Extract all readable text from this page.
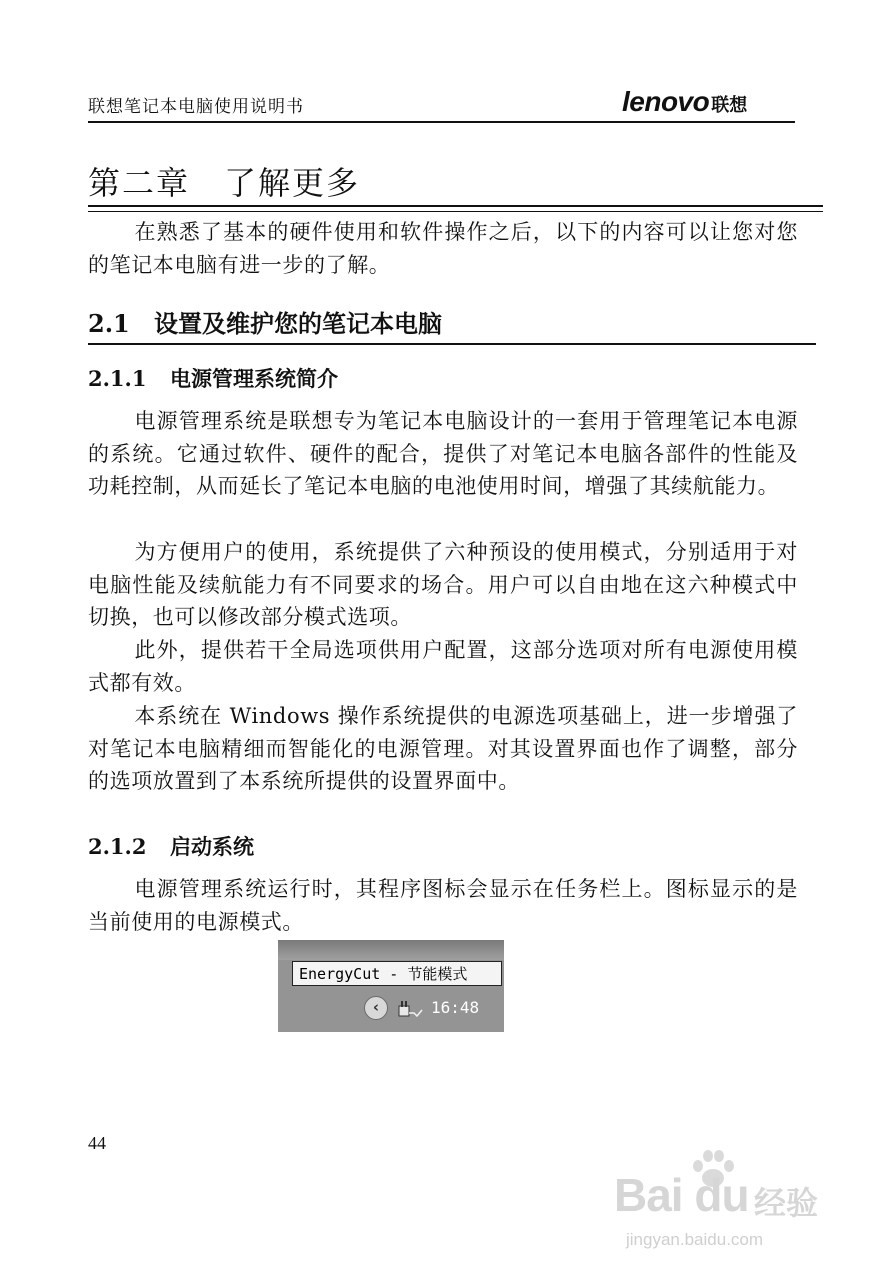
联想笔记本电脑使用说明书	lenovo 联想
第二章 了解更多
在熟悉了基本的硬件使用和软件操作之后，以下的内容可以让您对您的笔记本电脑有进一步的了解。
2.1 设置及维护您的笔记本电脑
2.1.1 电源管理系统简介
电源管理系统是联想专为笔记本电脑设计的一套用于管理笔记本电源的系统。它通过软件、硬件的配合，提供了对笔记本电脑各部件的性能及功耗控制，从而延长了笔记本电脑的电池使用时间，增强了其续航能力。
为方便用户的使用，系统提供了六种预设的使用模式，分别适用于对电脑性能及续航能力有不同要求的场合。用户可以自由地在这六种模式中切换，也可以修改部分模式选项。
此外，提供若干全局选项供用户配置，这部分选项对所有电源使用模式都有效。
本系统在 Windows 操作系统提供的电源选项基础上，进一步增强了对笔记本电脑精细而智能化的电源管理。对其设置界面也作了调整，部分的选项放置到了本系统所提供的设置界面中。
2.1.2 启动系统
电源管理系统运行时，其程序图标会显示在任务栏上。图标显示的是当前使用的电源模式。
EnergyCut - 节能模式
‹	16:48
44
Bai du 经验
jingyan.baidu.com
